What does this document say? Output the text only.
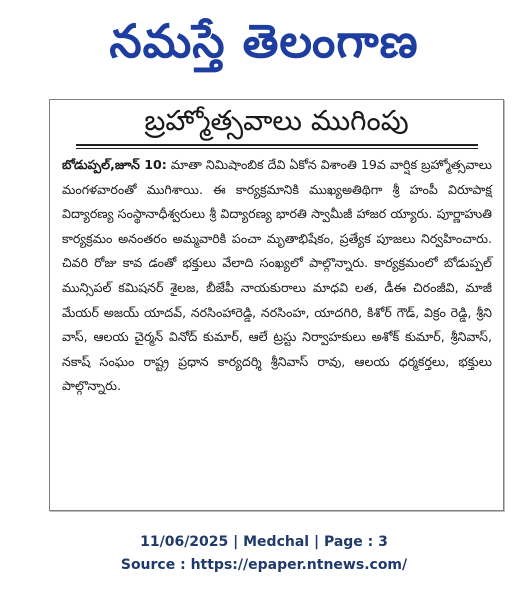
నమస్తే తెలంగాణ
బ్రహ్మోత్సవాలు ముగింపు
బోడుప్పల్,జూన్ 10: మాతా నిమిషాంబిక దేవి ఏకోన విశాంతి 19వ వార్షిక బ్రహ్మోత్సవాలు మంగళవారంతో ముగిశాయి. ఈ కార్యక్రమానికి ముఖ్యఅతిథిగా శ్రీ హంపీ విరూపాక్ష విద్యారణ్య సంస్థానాధీశ్వరులు శ్రీ విద్యారణ్య భారతి స్వామీజీ హాజర య్యారు. పూర్ణాహుతి కార్యక్రమం అనంతరం అమ్మవారికి పంచా మృతాభిషేకం, ప్రత్యేక పూజలు నిర్వహించారు. చివరి రోజు కావ డంతో భక్తులు వేలాది సంఖ్యలో పాల్గొన్నారు. కార్యక్రమంలో బోడుప్పల్ మున్సిపల్ కమిషనర్ శైలజ, బీజేపీ నాయకురాలు మాధవి లత, డీఈ చిరంజీవి, మాజీ మేయర్ అజయ్ యాదవ్, నరసింహారెడ్డి, నరసింహ, యాదగిరి, కిశోర్ గౌడ్, విక్రం రెడ్డి, శ్రీని వాస్, ఆలయ చైర్మన్ వినోద్ కుమార్, ఆలే ట్రస్టు నిర్వాహకులు అశోక్ కుమార్, శ్రీనివాస్, నకాష్ సంఘం రాష్ట్ర ప్రధాన కార్యదర్శి శ్రీనివాస్ రావు, ఆలయ ధర్మకర్తలు, భక్తులు పాల్గొన్నారు.
11/06/2025 | Medchal | Page : 3
Source : https://epaper.ntnews.com/
